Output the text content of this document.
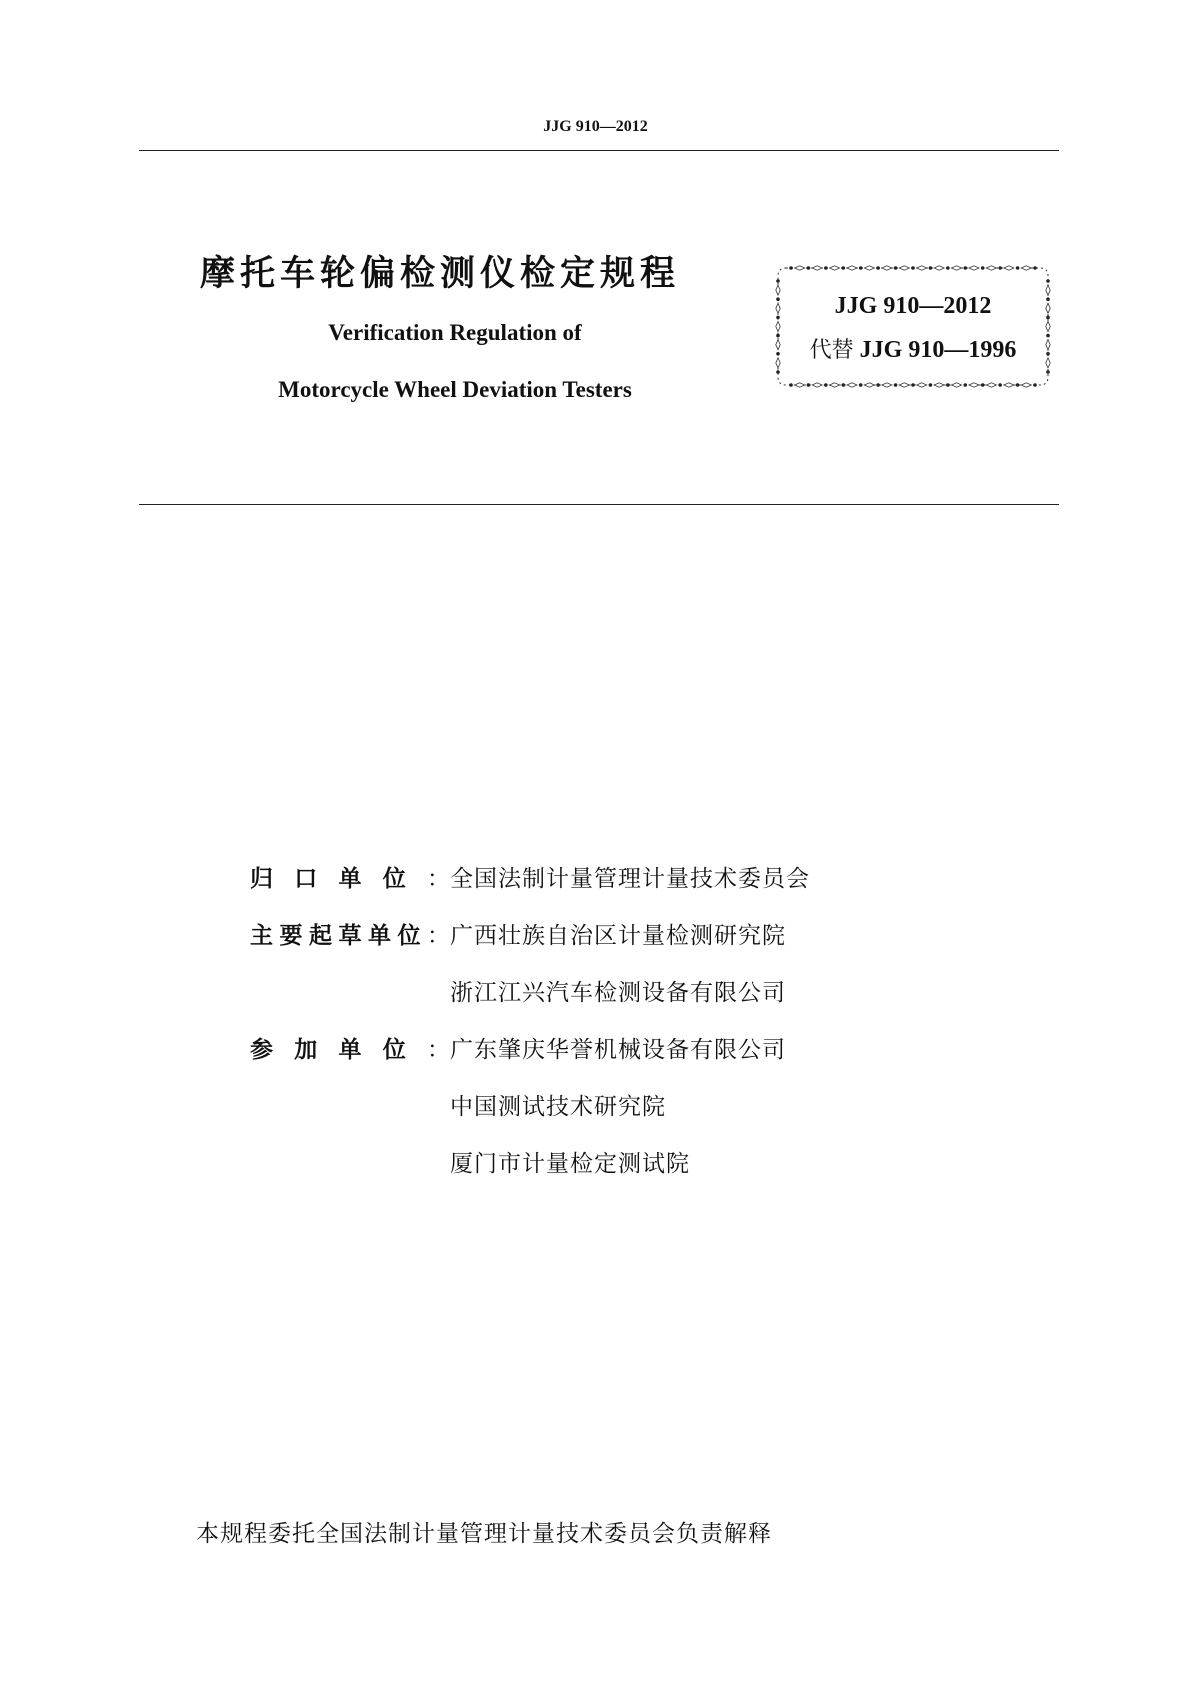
JJG 910—2012
摩托车轮偏检测仪检定规程
Verification Regulation of
Motorcycle Wheel Deviation Testers
JJG 910—2012
代替 JJG 910—1996
归 口 单 位 ： 全国法制计量管理计量技术委员会
主 要 起 草 单 位 ： 广西壮族自治区计量检测研究院
浙江江兴汽车检测设备有限公司
参 加 单 位 ： 广东肇庆华誉机械设备有限公司
中国测试技术研究院
厦门市计量检定测试院
本规程委托全国法制计量管理计量技术委员会负责解释
